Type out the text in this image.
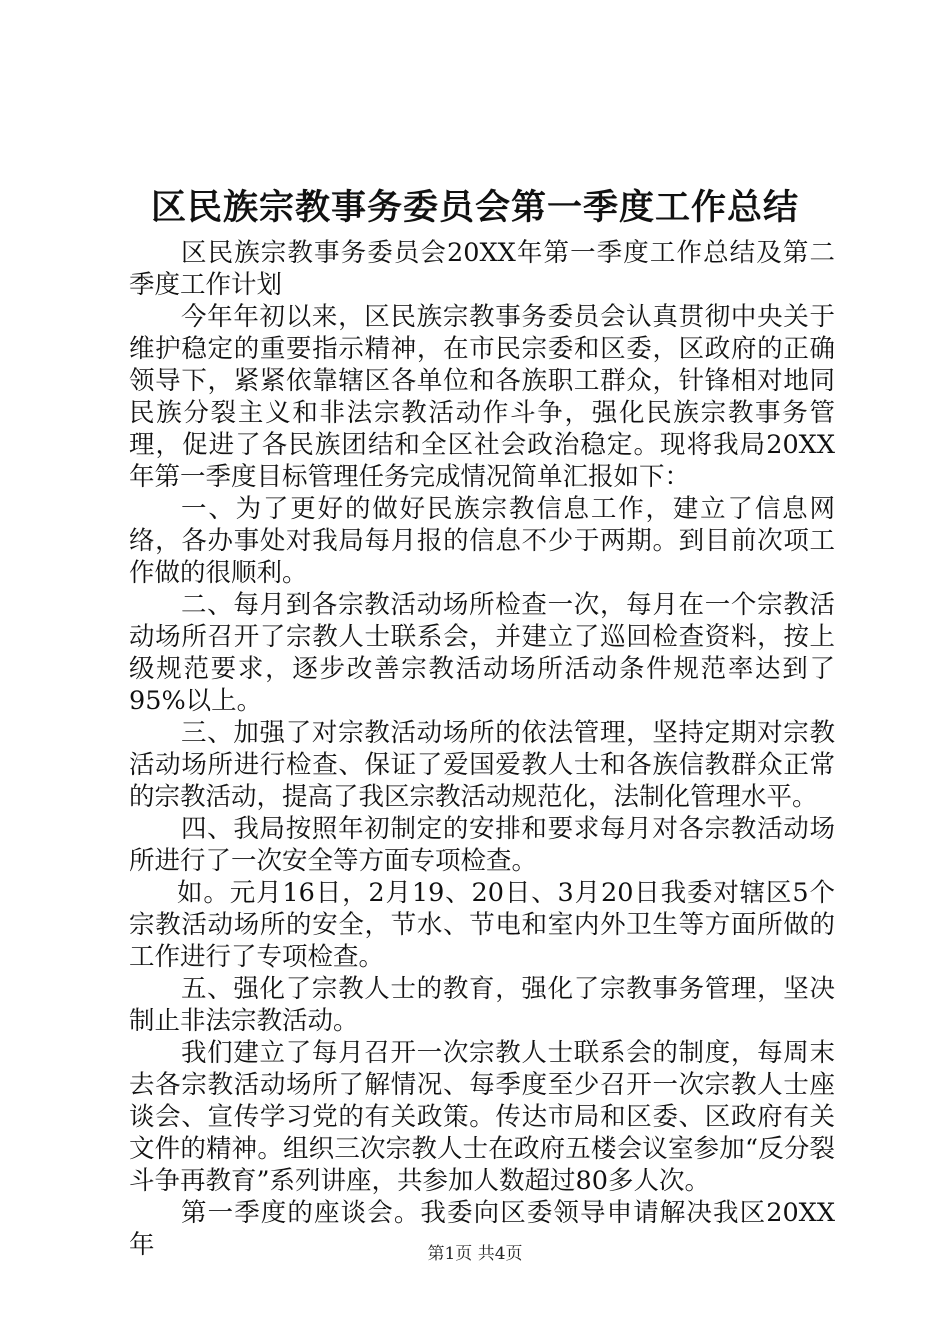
区民族宗教事务委员会第一季度工作总结

区民族宗教事务委员会20XX年第一季度工作总结及第二季度工作计划

今年年初以来，区民族宗教事务委员会认真贯彻中央关于维护稳定的重要指示精神，在市民宗委和区委，区政府的正确领导下，紧紧依靠辖区各单位和各族职工群众，针锋相对地同民族分裂主义和非法宗教活动作斗争，强化民族宗教事务管理，促进了各民族团结和全区社会政治稳定。现将我局20XX年第一季度目标管理任务完成情况简单汇报如下：

一、为了更好的做好民族宗教信息工作，建立了信息网络，各办事处对我局每月报的信息不少于两期。到目前次项工作做的很顺利。

二、每月到各宗教活动场所检查一次，每月在一个宗教活动场所召开了宗教人士联系会，并建立了巡回检查资料，按上级规范要求，逐步改善宗教活动场所活动条件规范率达到了95%以上。

三、加强了对宗教活动场所的依法管理，坚持定期对宗教活动场所进行检查、保证了爱国爱教人士和各族信教群众正常的宗教活动，提高了我区宗教活动规范化，法制化管理水平。

四、我局按照年初制定的安排和要求每月对各宗教活动场所进行了一次安全等方面专项检查。

如。元月16日，2月19、20日、3月20日我委对辖区5个宗教活动场所的安全，节水、节电和室内外卫生等方面所做的工作进行了专项检查。

五、强化了宗教人士的教育，强化了宗教事务管理，坚决制止非法宗教活动。

我们建立了每月召开一次宗教人士联系会的制度，每周末去各宗教活动场所了解情况、每季度至少召开一次宗教人士座谈会、宣传学习党的有关政策。传达市局和区委、区政府有关文件的精神。组织三次宗教人士在政府五楼会议室参加“反分裂斗争再教育”系列讲座，共参加人数超过80多人次。

第一季度的座谈会。我委向区委领导申请解决我区20XX年	第1页 共4页
